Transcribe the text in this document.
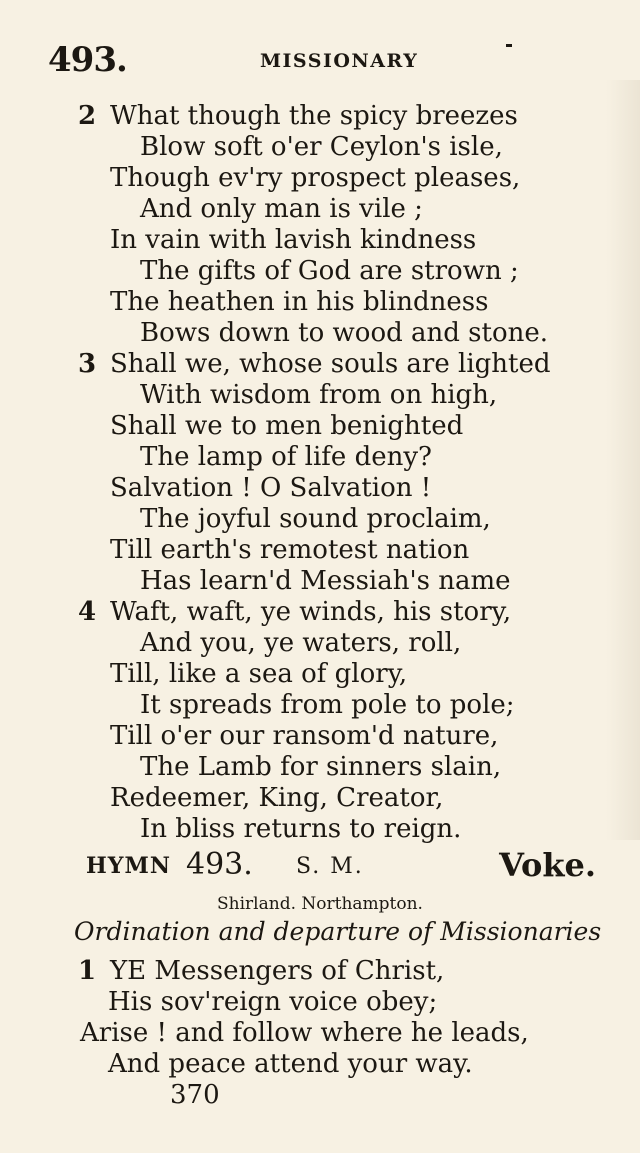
493.	MISSIONARY
2 What though the spicy breezes
Blow soft o'er Ceylon's isle,
Though ev'ry prospect pleases,
And only man is vile ;
In vain with lavish kindness
The gifts of God are strown ;
The heathen in his blindness
Bows down to wood and stone.
3 Shall we, whose souls are lighted
With wisdom from on high,
Shall we to men benighted
The lamp of life deny?
Salvation ! O Salvation !
The joyful sound proclaim,
Till earth's remotest nation
Has learn'd Messiah's name
4 Waft, waft, ye winds, his story,
And you, ye waters, roll,
Till, like a sea of glory,
It spreads from pole to pole;
Till o'er our ransom'd nature,
The Lamb for sinners slain,
Redeemer, King, Creator,
In bliss returns to reign.
HYMN 493. S. M.	Voke.
Shirland. Northampton.
Ordination and departure of Missionaries
1 YE Messengers of Christ,
His sov'reign voice obey;
Arise ! and follow where he leads,
And peace attend your way.
370
